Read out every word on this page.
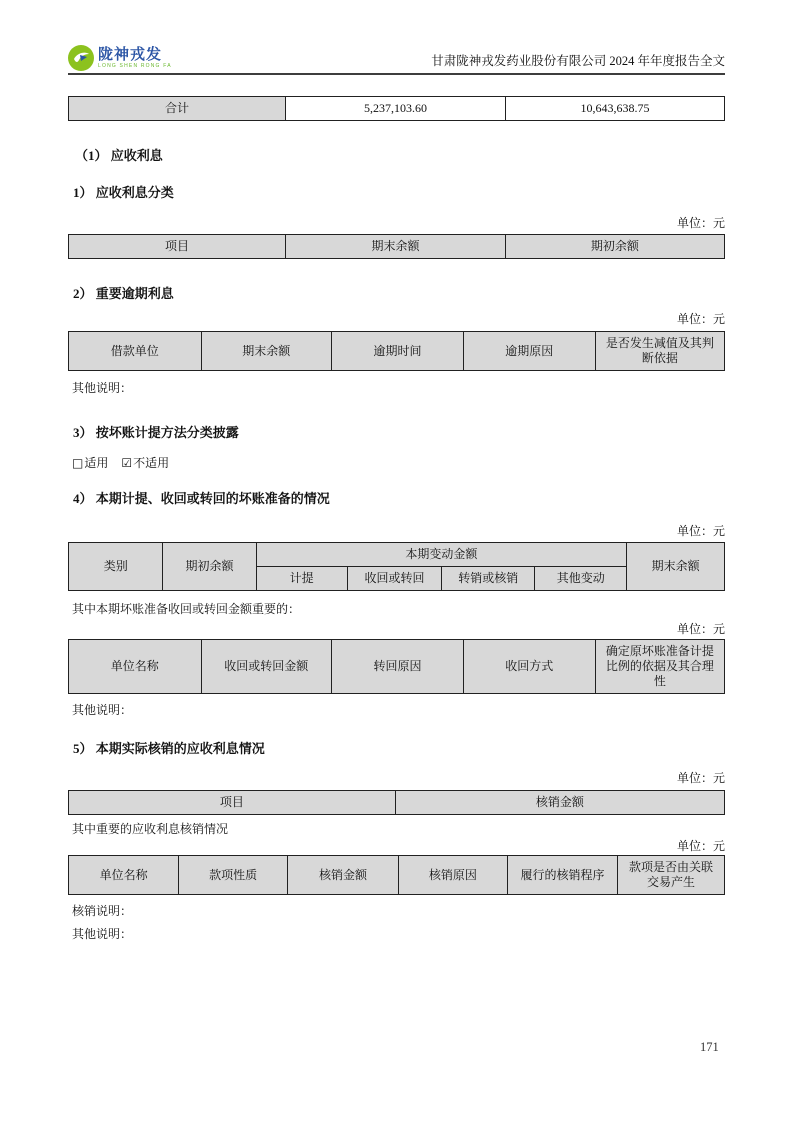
陇神戎发
LONG SHEN RONG FA	甘肃陇神戎发药业股份有限公司 2024 年年度报告全文
合计	5,237,103.60	10,643,638.75
（1） 应收利息
1） 应收利息分类
单位：元
项目	期末余额	期初余额
2） 重要逾期利息
单位：元
借款单位	期末余额	逾期时间	逾期原因	是否发生减值及其判断依据
其他说明：
3） 按坏账计提方法分类披露
□适用 ☑不适用
4） 本期计提、收回或转回的坏账准备的情况
单位：元
类别	期初余额	本期变动金额				期末余额
		计提	收回或转回	转销或核销	其他变动	
其中本期坏账准备收回或转回金额重要的：
单位：元
单位名称	收回或转回金额	转回原因	收回方式	确定原坏账准备计提比例的依据及其合理性
其他说明：
5） 本期实际核销的应收利息情况
单位：元
项目	核销金额
其中重要的应收利息核销情况
单位：元
单位名称	款项性质	核销金额	核销原因	履行的核销程序	款项是否由关联交易产生
核销说明：
其他说明：
171
